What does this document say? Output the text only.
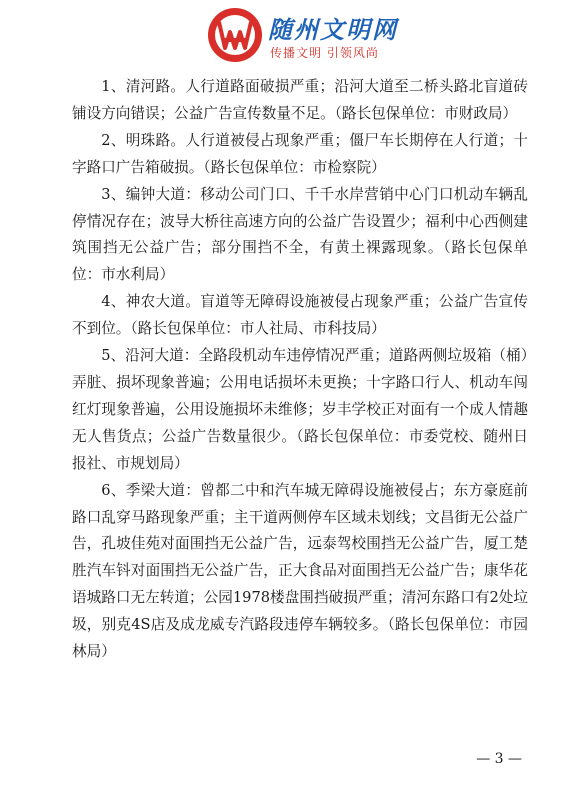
随州文明网
传播文明 引领风尚

1、清河路。人行道路面破损严重；沿河大道至二桥头路北盲道砖铺设方向错误；公益广告宣传数量不足。（路长包保单位：市财政局）

2、明珠路。人行道被侵占现象严重；僵尸车长期停在人行道；十字路口广告箱破损。（路长包保单位：市检察院）

3、编钟大道：移动公司门口、千千水岸营销中心门口机动车辆乱停情况存在；波导大桥往高速方向的公益广告设置少；福利中心西侧建筑围挡无公益广告；部分围挡不全，有黄土裸露现象。（路长包保单位：市水利局）

4、神农大道。盲道等无障碍设施被侵占现象严重；公益广告宣传不到位。（路长包保单位：市人社局、市科技局）

5、沿河大道：全路段机动车违停情况严重；道路两侧垃圾箱（桶）弄脏、损坏现象普遍；公用电话损坏未更换；十字路口行人、机动车闯红灯现象普遍，公用设施损坏未维修；岁丰学校正对面有一个成人情趣无人售货点；公益广告数量很少。（路长包保单位：市委党校、随州日报社、市规划局）

6、季梁大道：曾都二中和汽车城无障碍设施被侵占；东方豪庭前路口乱穿马路现象严重；主干道两侧停车区域未划线；文昌街无公益广告，孔坡佳苑对面围挡无公益广告，远泰驾校围挡无公益广告，厦工楚胜汽车钭对面围挡无公益广告，正大食品对面围挡无公益广告；康华花语城路口无左转道；公园1978楼盘围挡破损严重；清河东路口有2处垃圾，别克4S店及成龙威专汽路段违停车辆较多。（路长包保单位：市园林局）

— 3 —
